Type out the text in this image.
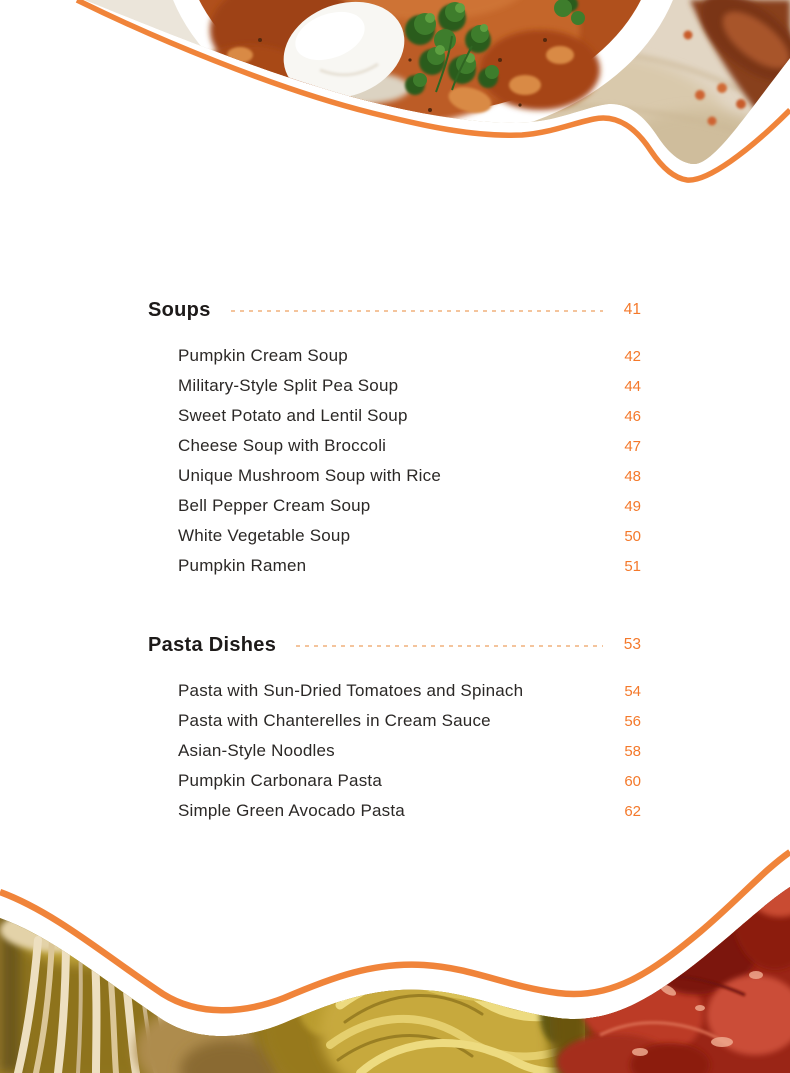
Soups	41
Pumpkin Cream Soup	42
Military-Style Split Pea Soup	44
Sweet Potato and Lentil Soup	46
Cheese Soup with Broccoli	47
Unique Mushroom Soup with Rice	48
Bell Pepper Cream Soup	49
White Vegetable Soup	50
Pumpkin Ramen	51
Pasta Dishes	53
Pasta with Sun-Dried Tomatoes and Spinach	54
Pasta with Chanterelles in Cream Sauce	56
Asian-Style Noodles	58
Pumpkin Carbonara Pasta	60
Simple Green Avocado Pasta	62
